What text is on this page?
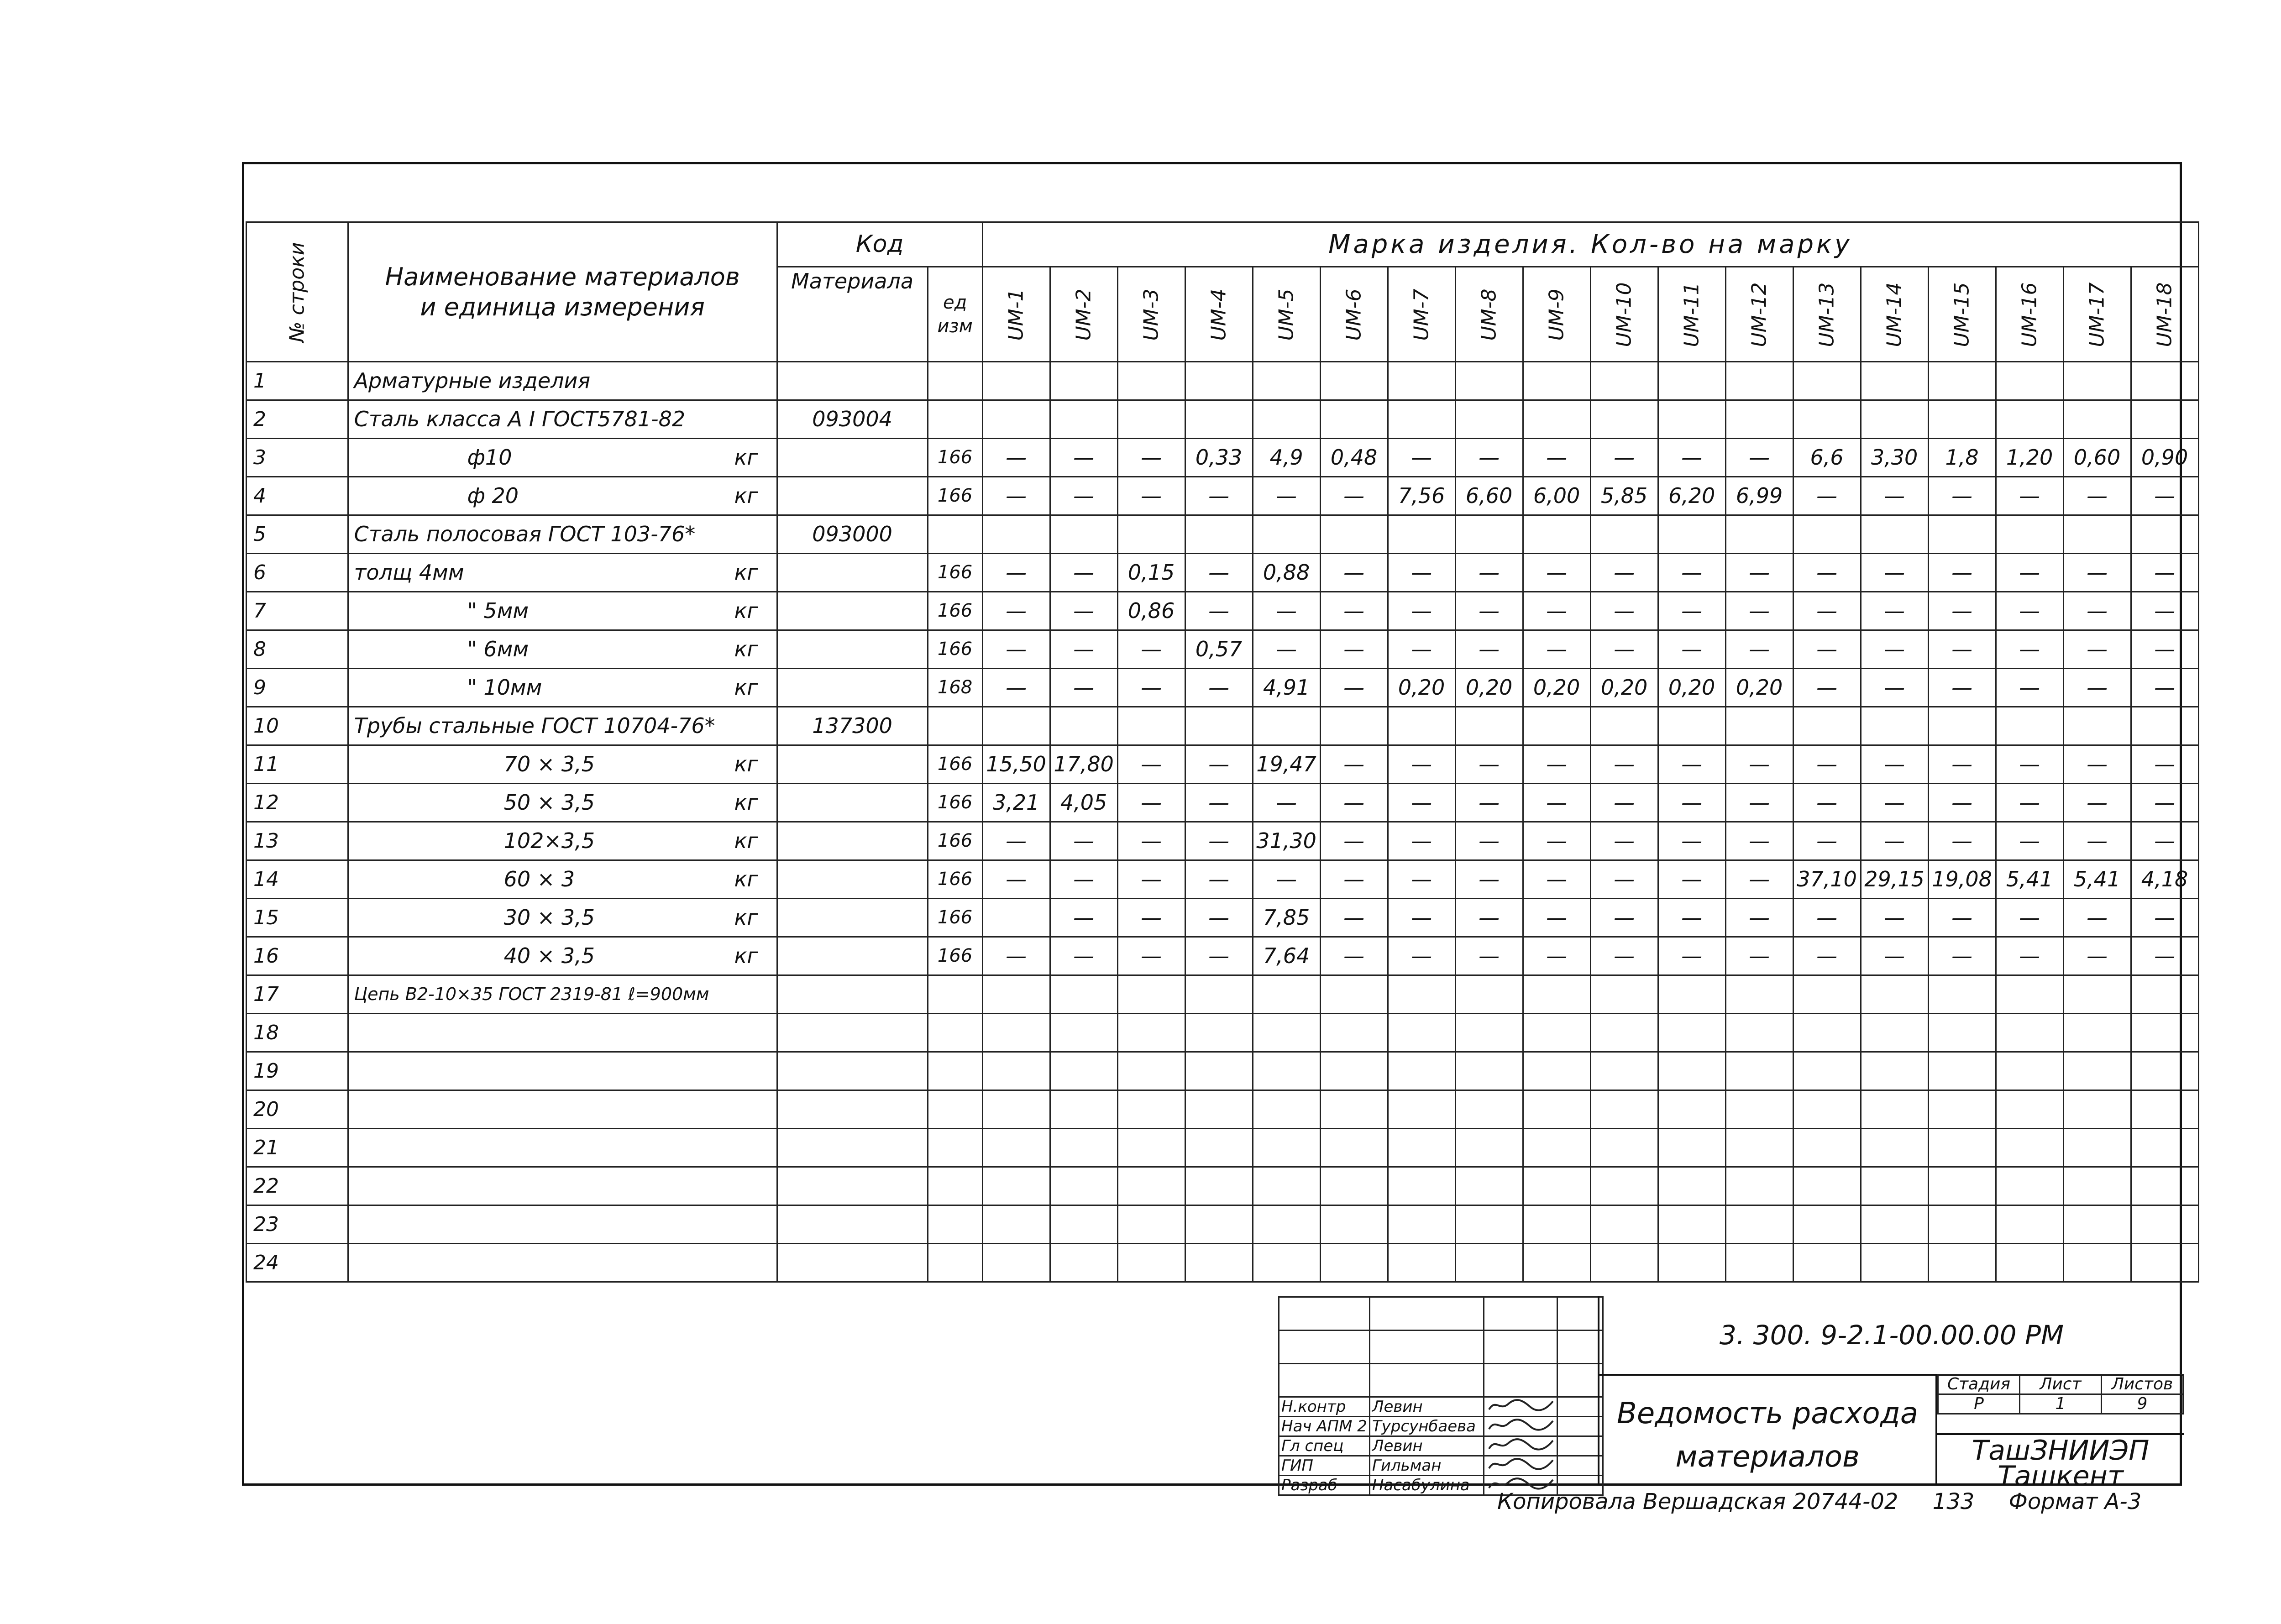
№ строки	Наименование материалов
и единица измерения	Код		Марка изделия. Кол-во на марку																	
		Материала	ед изм	UM-1	UM-2	UM-3	UM-4	UM-5	UM-6	UM-7	UM-8	UM-9	UM-10	UM-11	UM-12	UM-13	UM-14	UM-15	UM-16	UM-17	UM-18
1	Арматурные изделия																				

2	Сталь класса А I ГОСТ5781-82	093004																			
3	ф10 кг		166	—	—	—	0,33	4,9	0,48	—	—	—	—	—	—	6,6	3,30	1,8	1,20	0,60	0,90
4	ф 20 кг		166	—	—	—	—	—	—	7,56	6,60	6,00	5,85	6,20	6,99	—	—	—	—	—	—
5	Сталь полосовая ГОСТ 103-76*	093000																			
6	толщ 4мм кг		166	—	—	0,15	—	0,88	—	—	—	—	—	—	—	—	—	—	—	—	—
7	" 5мм кг		166	—	—	0,86	—	—	—	—	—	—	—	—	—	—	—	—	—	—	—
8	" 6мм кг		166	—	—	—	0,57	—	—	—	—	—	—	—	—	—	—	—	—	—	—
9	" 10мм кг		168	—	—	—	—	4,91	—	0,20	0,20	0,20	0,20	0,20	0,20	—	—	—	—	—	—
10	Трубы стальные ГОСТ 10704-76*	137300																			
11	70 × 3,5 кг		166	15,50	17,80	—	—	19,47	—	—	—	—	—	—	—	—	—	—	—	—	—
12	50 × 3,5 кг		166	3,21	4,05	—	—	—	—	—	—	—	—	—	—	—	—	—	—	—	—
13	102×3,5 кг		166	—	—	—	—	31,30	—	—	—	—	—	—	—	—	—	—	—	—	—
14	60 × 3 кг		166	—	—	—	—	—	—	—	—	—	—	—	—	37,10	29,15	19,08	5,41	5,41	4,18
15	30 × 3,5 кг		166		—	—	—	7,85	—	—	—	—	—	—	—	—	—	—	—	—	—
16	40 × 3,5 кг		166	—	—	—	—	7,64	—	—	—	—	—	—	—	—	—	—	—	—	—
17	Цепь В2-10×35 ГОСТ 2319-81 ℓ=900мм																				

18	

19	

20	

21	

22	

23	

24	

Н.контр	Левин		
Нач АПМ 2	Турсунбаева		
Гл спец	Левин		
ГИП	Гильман		
Разраб	Насабулина		
3. 300. 9-2.1-00.00.00 РМ
Ведомость расхода
материалов
Стадия	Лист	Листов
Р	1	9
ТашЗНИИЭП
Ташкент
Копировала Вершадская 20744-02 133 Формат А-3
